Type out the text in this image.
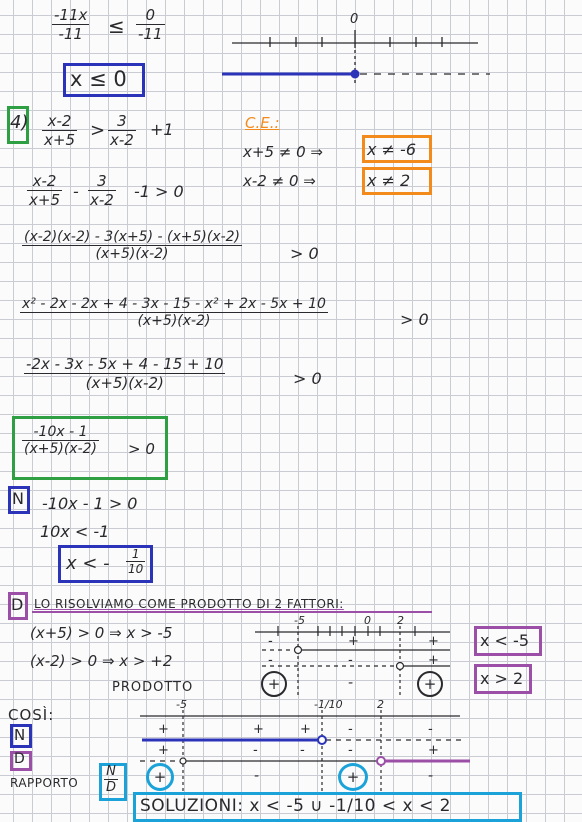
$\frac{-11x}{-11} \le \frac{0}{-11}$	0
x ≤ 0
$4) \frac{x-2}{x+5} > \frac{3}{x-2} +1$	C.E.:
x+5 ≠ 0 ⇒	x ≠ -6
x-2 ≠ 0 ⇒	x ≠ 2
$\frac{x-2}{x+5} - \frac{3}{x-2} -1 > 0$
$\frac{(x-2)(x-2) - 3(x+5) - (x+5)(x-2)}{(x+5)(x-2)}$	> 0
$\frac{\text{x² - 2x - 2x + 4 - 3x - 15 - x² + 2x - 5x + 10}}{(x+5)(x-2)}$	> 0
$\frac{-2x - 3x - 5x + 4 - 15 + 10}{(x+5)(x-2)}$	> 0
$\frac{-10x - 1}{(x+5)(x-2)} > 0$
N -10x - 1 > 0
10x < -1
x < - $\frac{1}{10}$
D LO RISOLVIAMO COME PRODOTTO DI 2 FATTORI:
(x+5) > 0 ⇒ x > -5
(x-2) > 0 ⇒ x > +2
PRODOTTO
-5	0 2
-	+	+
-	-	+
+	-	+
x < -5
x > 2
COSÌ:
-5	-1/10	2
N
D
RAPPORTO $\frac{N}{D}$
+	+	+	-	-
+	-	-	-	+
+	-	+	-
SOLUZIONI: x < -5 ∪ -1/10 < x < 2
